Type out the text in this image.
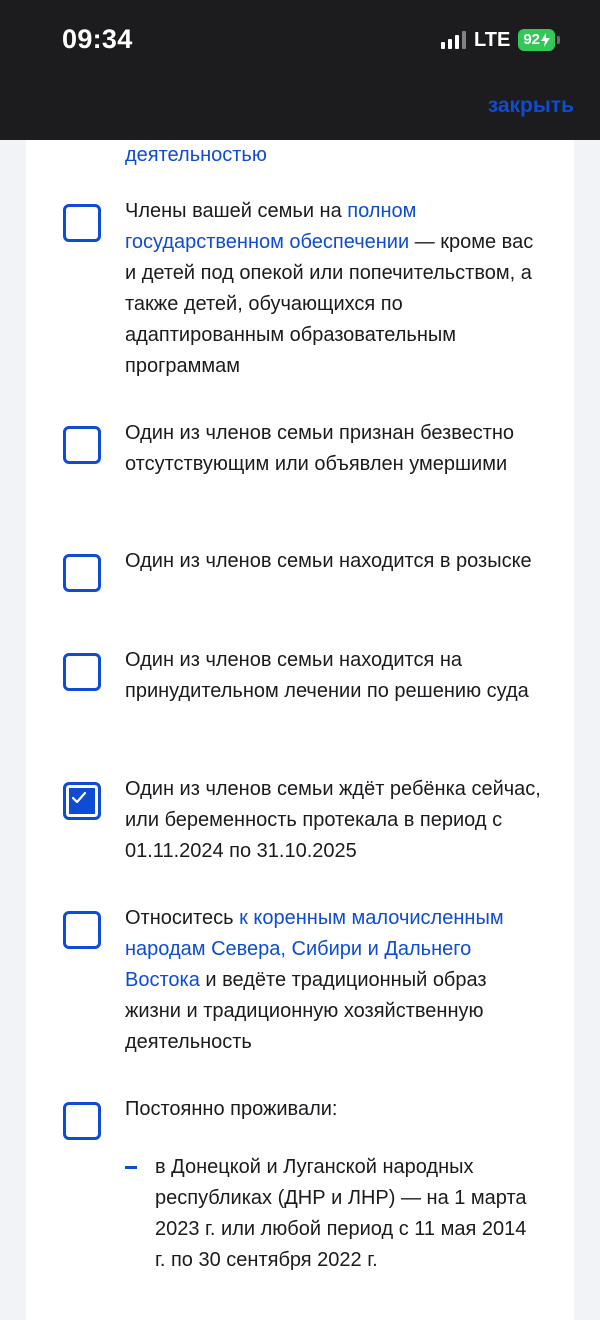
09:34	LTE 92
закрыть
деятельностью
Члены вашей семьи на полном государственном обеспечении — кроме вас и детей под опекой или попечительством, а также детей, обучающихся по адаптированным образовательным программам
Один из членов семьи признан безвестно отсутствующим или объявлен умершими
Один из членов семьи находится в розыске
Один из членов семьи находится на принудительном лечении по решению суда
Один из членов семьи ждёт ребёнка сейчас, или беременность протекала в период с 01.11.2024 по 31.10.2025
Относитесь к коренным малочисленным народам Севера, Сибири и Дальнего Востока и ведёте традиционный образ жизни и традиционную хозяйственную деятельность
Постоянно проживали:
в Донецкой и Луганской народных республиках (ДНР и ЛНР) — на 1 марта 2023 г. или любой период с 11 мая 2014 г. по 30 сентября 2022 г.
